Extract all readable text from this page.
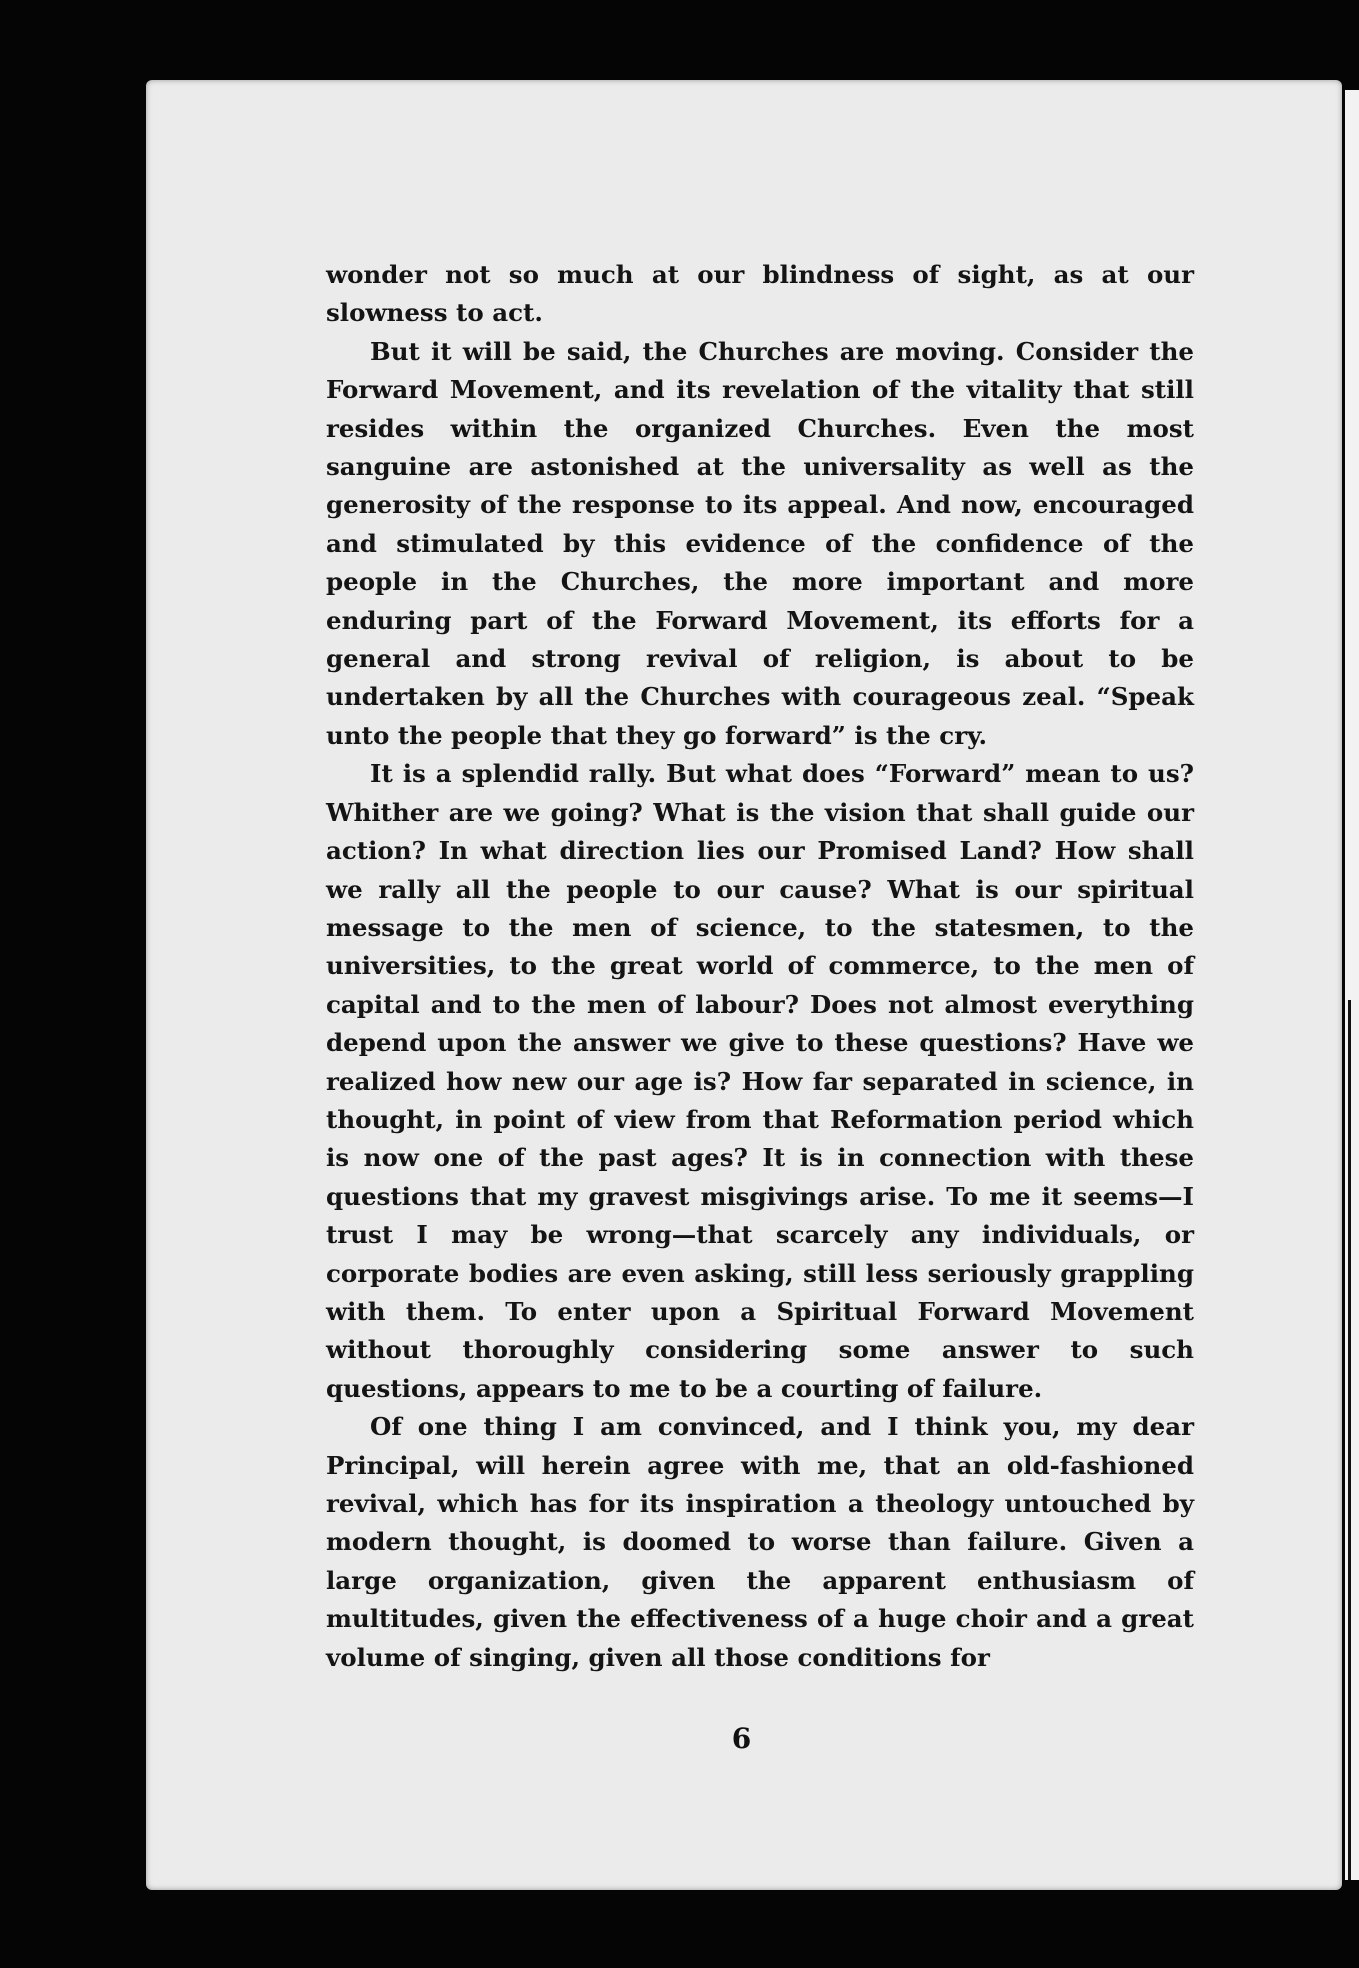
wonder not so much at our blindness of sight, as at our slowness to act.

But it will be said, the Churches are moving. Consider the Forward Movement, and its revelation of the vitality that still resides within the organized Churches. Even the most sanguine are astonished at the universality as well as the generosity of the response to its appeal. And now, encouraged and stimulated by this evidence of the confidence of the people in the Churches, the more important and more enduring part of the Forward Movement, its efforts for a general and strong revival of religion, is about to be undertaken by all the Churches with courageous zeal. “Speak unto the people that they go forward” is the cry.

It is a splendid rally. But what does “Forward” mean to us? Whither are we going? What is the vision that shall guide our action? In what direction lies our Promised Land? How shall we rally all the people to our cause? What is our spiritual message to the men of science, to the statesmen, to the universities, to the great world of commerce, to the men of capital and to the men of labour? Does not almost everything depend upon the answer we give to these questions? Have we realized how new our age is? How far separated in science, in thought, in point of view from that Reformation period which is now one of the past ages? It is in connection with these questions that my gravest misgivings arise. To me it seems—I trust I may be wrong—that scarcely any individuals, or corporate bodies are even asking, still less seriously grappling with them. To enter upon a Spiritual Forward Movement without thoroughly considering some answer to such questions, appears to me to be a courting of failure.

Of one thing I am convinced, and I think you, my dear Principal, will herein agree with me, that an old-fashioned revival, which has for its inspiration a theology untouched by modern thought, is doomed to worse than failure. Given a large organization, given the apparent enthusiasm of multitudes, given the effectiveness of a huge choir and a great volume of singing, given all those conditions for

6
